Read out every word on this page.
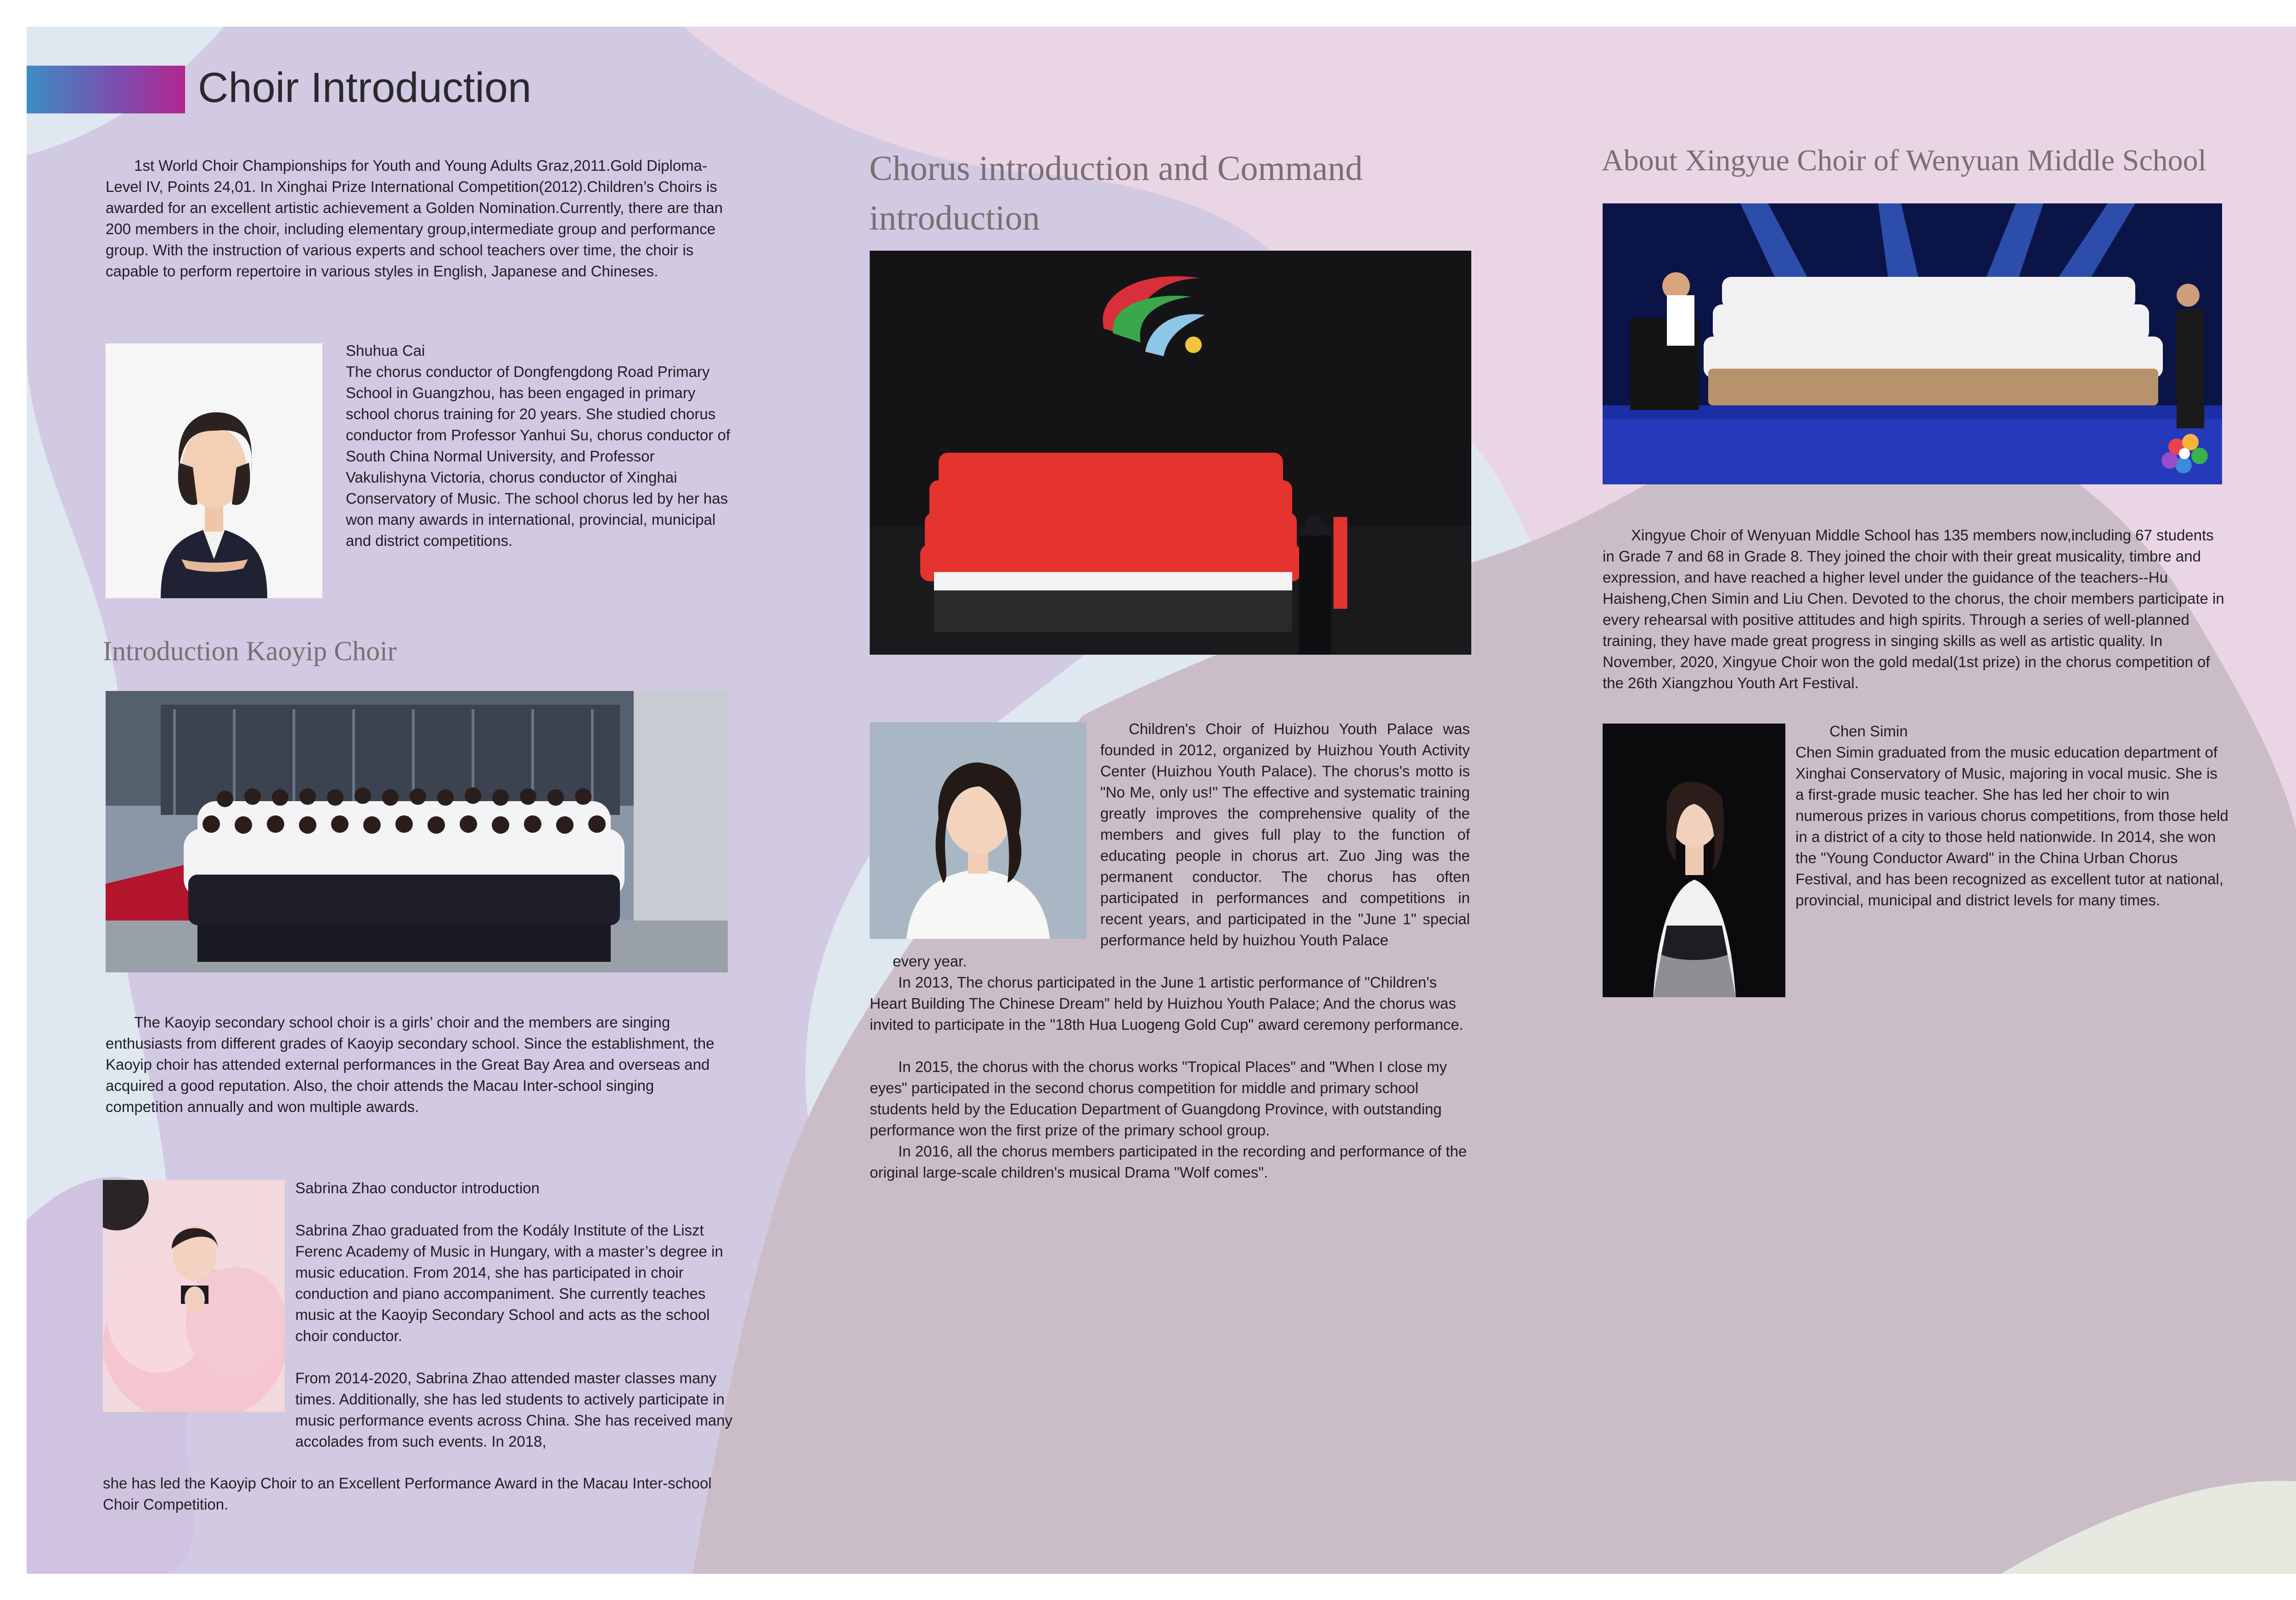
Choir Introduction
1st World Choir Championships for Youth and Young Adults Graz,2011.Gold Diploma-Level IV, Points 24,01. In Xinghai Prize International Competition(2012).Children’s Choirs is awarded for an excellent artistic achievement a Golden Nomination.Currently, there are than 200 members in the choir, including elementary group,intermediate group and performance group. With the instruction of various experts and school teachers over time, the choir is capable to perform repertoire in various styles in English, Japanese and Chineses.
Shuhua Cai
The chorus conductor of Dongfengdong Road Primary School in Guangzhou, has been engaged in primary school chorus training for 20 years. She studied chorus conductor from Professor Yanhui Su, chorus conductor of South China Normal University, and Professor Vakulishyna Victoria, chorus conductor of Xinghai Conservatory of Music. The school chorus led by her has won many awards in international, provincial, municipal and district competitions.
Introduction Kaoyip Choir
The Kaoyip secondary school choir is a girls’ choir and the members are singing enthusiasts from different grades of Kaoyip secondary school. Since the establishment, the Kaoyip choir has attended external performances in the Great Bay Area and overseas and acquired a good reputation. Also, the choir attends the Macau Inter-school singing competition annually and won multiple awards.
Sabrina Zhao conductor introduction
Sabrina Zhao graduated from the Kodály Institute of the Liszt Ferenc Academy of Music in Hungary, with a master’s degree in music education. From 2014, she has participated in choir conduction and piano accompaniment. She currently teaches music at the Kaoyip Secondary School and acts as the school choir conductor.
From 2014-2020, Sabrina Zhao attended master classes many times. Additionally, she has led students to actively participate in music performance events across China. She has received many accolades from such events. In 2018,
she has led the Kaoyip Choir to an Excellent Performance Award in the Macau Inter-school Choir Competition.
Chorus introduction and Command introduction
Children's Choir of Huizhou Youth Palace was founded in 2012, organized by Huizhou Youth Activity Center (Huizhou Youth Palace). The chorus's motto is "No Me, only us!" The effective and systematic training greatly improves the comprehensive quality of the members and gives full play to the function of educating people in chorus art. Zuo Jing was the permanent conductor. The chorus has often participated in performances and competitions in recent years, and participated in the "June 1" special performance held by huizhou Youth Palace
every year.
In 2013, The chorus participated in the June 1 artistic performance of "Children's Heart Building The Chinese Dream" held by Huizhou Youth Palace; And the chorus was invited to participate in the "18th Hua Luogeng Gold Cup" award ceremony performance.
In 2015, the chorus with the chorus works "Tropical Places" and "When I close my eyes" participated in the second chorus competition for middle and primary school students held by the Education Department of Guangdong Province, with outstanding performance won the first prize of the primary school group.
In 2016, all the chorus members participated in the recording and performance of the original large-scale children's musical Drama "Wolf comes".
About Xingyue Choir of Wenyuan Middle School
Xingyue Choir of Wenyuan Middle School has 135 members now,including 67 students in Grade 7 and 68 in Grade 8. They joined the choir with their great musicality, timbre and expression, and have reached a higher level under the guidance of the teachers--Hu Haisheng,Chen Simin and Liu Chen. Devoted to the chorus, the choir members participate in every rehearsal with positive attitudes and high spirits. Through a series of well-planned training, they have made great progress in singing skills as well as artistic quality. In November, 2020, Xingyue Choir won the gold medal(1st prize) in the chorus competition of the 26th Xiangzhou Youth Art Festival.
Chen Simin
Chen Simin graduated from the music education department of Xinghai Conservatory of Music, majoring in vocal music. She is a first-grade music teacher. She has led her choir to win numerous prizes in various chorus competitions, from those held in a district of a city to those held nationwide. In 2014, she won the "Young Conductor Award" in the China Urban Chorus Festival, and has been recognized as excellent tutor at national, provincial, municipal and district levels for many times.
